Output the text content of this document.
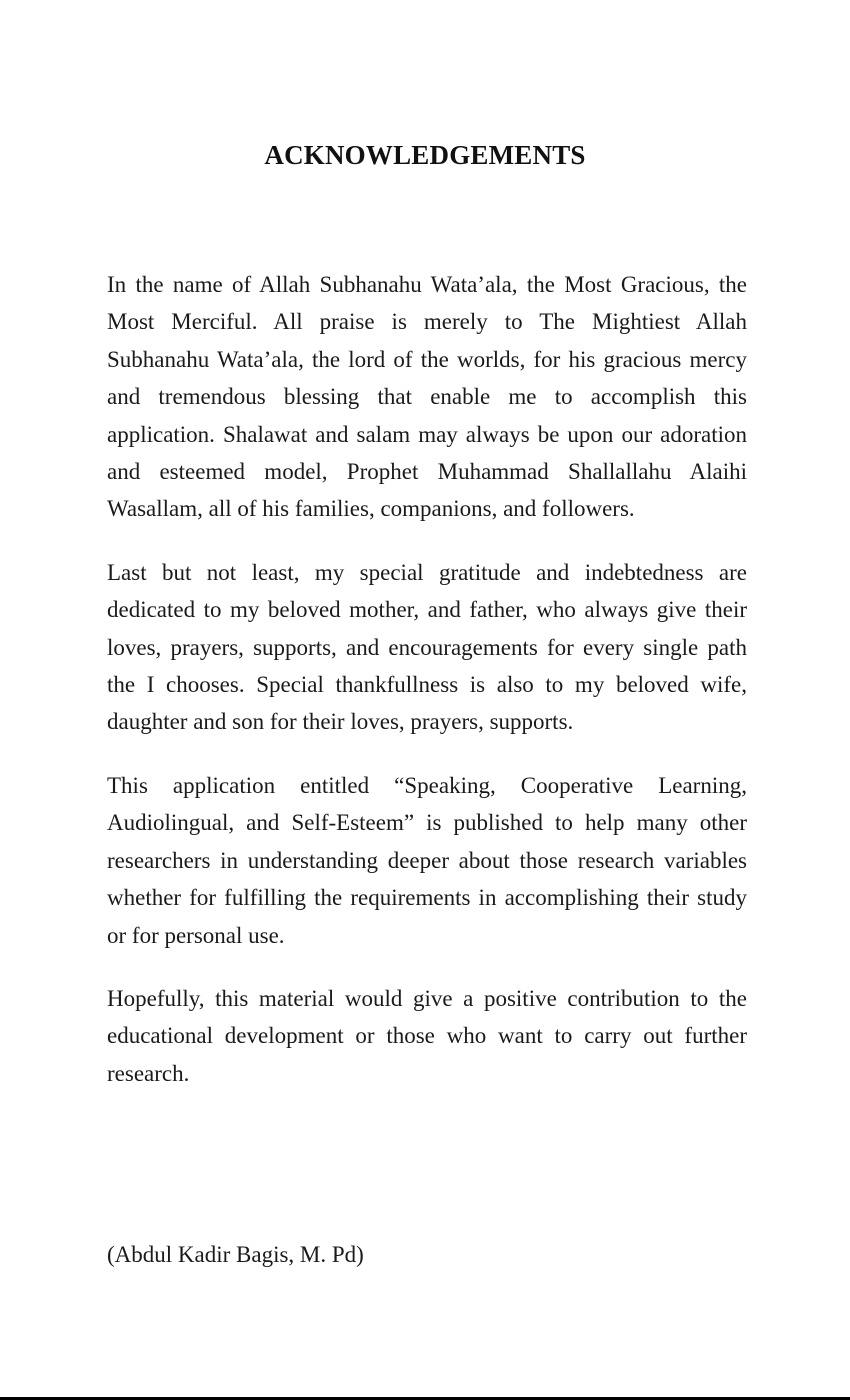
ACKNOWLEDGEMENTS

In the name of Allah Subhanahu Wata’ala, the Most Gracious, the Most Merciful. All praise is merely to The Mightiest Allah Subhanahu Wata’ala, the lord of the worlds, for his gracious mercy and tremendous blessing that enable me to accomplish this application. Shalawat and salam may always be upon our adoration and esteemed model, Prophet Muhammad Shallallahu Alaihi Wasallam, all of his families, companions, and followers.

Last but not least, my special gratitude and indebtedness are dedicated to my beloved mother, and father, who always give their loves, prayers, supports, and encouragements for every single path the I chooses. Special thankfullness is also to my beloved wife, daughter and son for their loves, prayers, supports.

This application entitled “Speaking, Cooperative Learning, Audiolingual, and Self-Esteem” is published to help many other researchers in understanding deeper about those research variables whether for fulfilling the requirements in accomplishing their study or for personal use.

Hopefully, this material would give a positive contribution to the educational development or those who want to carry out further research.

(Abdul Kadir Bagis, M. Pd)
